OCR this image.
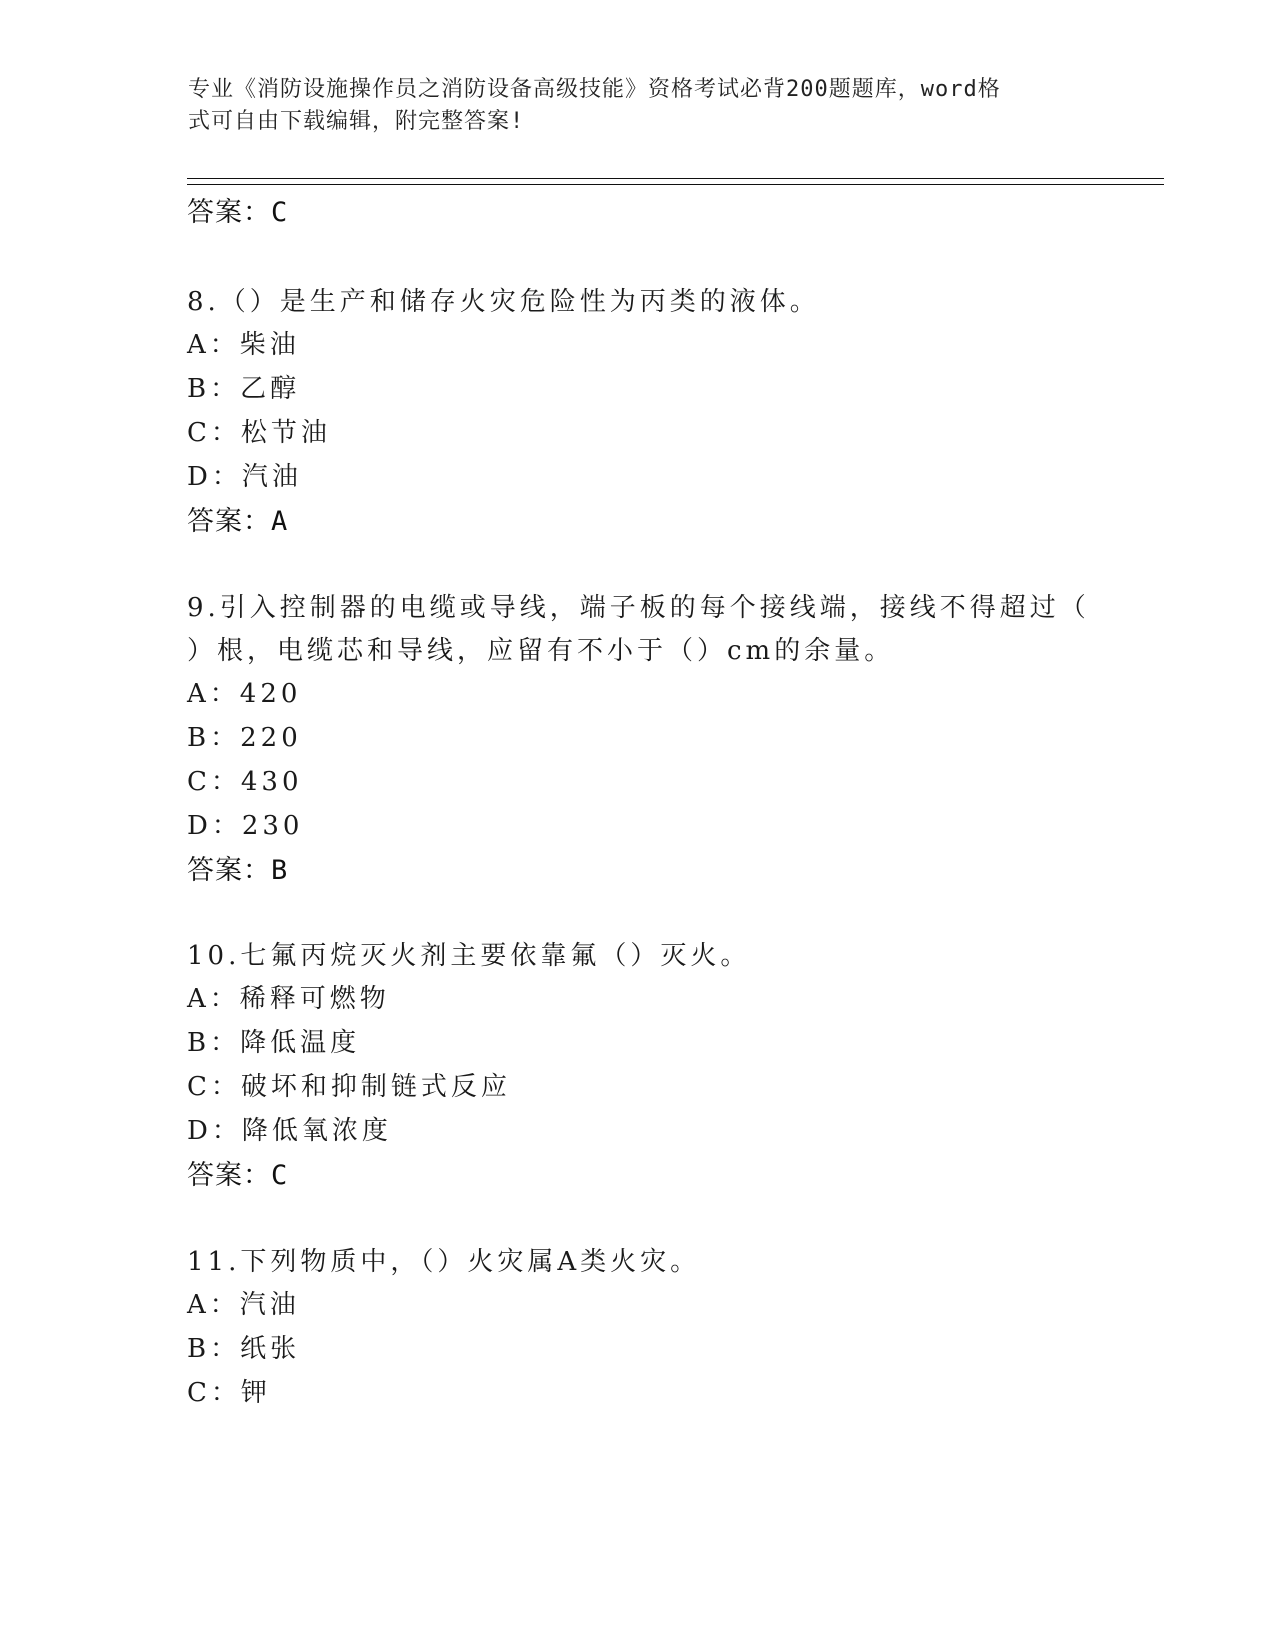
专业《消防设施操作员之消防设备高级技能》资格考试必背200题题库，word格
式可自由下载编辑，附完整答案!
答案：C
8.（）是生产和储存火灾危险性为丙类的液体。
A：柴油
B：乙醇
C：松节油
D：汽油
答案：A
9.引入控制器的电缆或导线，端子板的每个接线端，接线不得超过（
）根，电缆芯和导线，应留有不小于（）cm的余量。
A：420
B：220
C：430
D：230
答案：B
10.七氟丙烷灭火剂主要依靠氟（）灭火。
A：稀释可燃物
B：降低温度
C：破坏和抑制链式反应
D：降低氧浓度
答案：C
11.下列物质中，（）火灾属A类火灾。
A：汽油
B：纸张
C：钾
